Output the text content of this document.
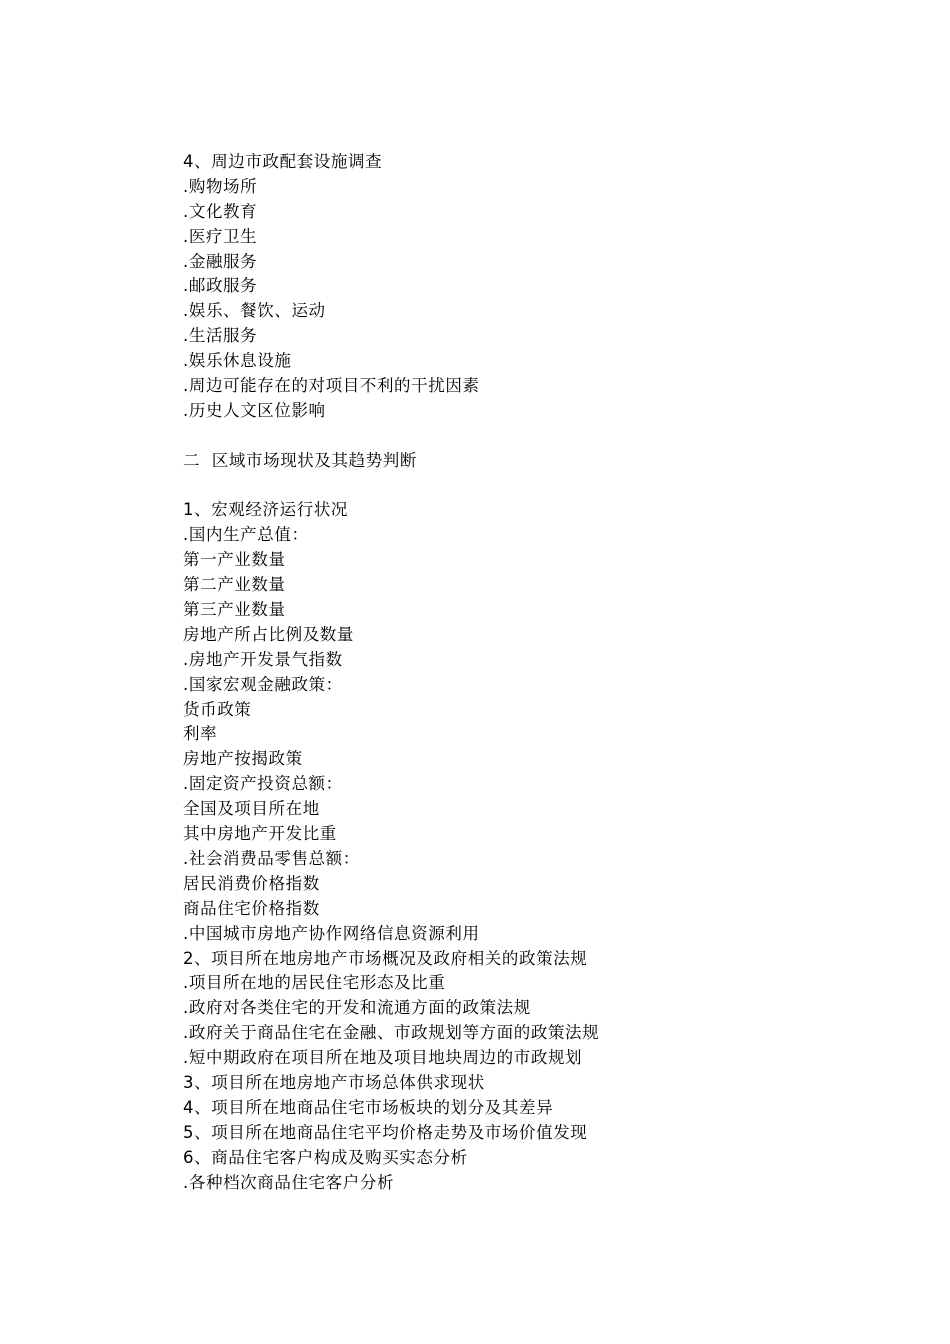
4、周边市政配套设施调查
.购物场所
.文化教育
.医疗卫生
.金融服务
.邮政服务
.娱乐、餐饮、运动
.生活服务
.娱乐休息设施
.周边可能存在的对项目不利的干扰因素
.历史人文区位影响
二  区域市场现状及其趋势判断
1、宏观经济运行状况
.国内生产总值：
第一产业数量
第二产业数量
第三产业数量
房地产所占比例及数量
.房地产开发景气指数
.国家宏观金融政策：
货币政策
利率
房地产按揭政策
.固定资产投资总额：
全国及项目所在地
其中房地产开发比重
.社会消费品零售总额：
居民消费价格指数
商品住宅价格指数
.中国城市房地产协作网络信息资源利用
2、项目所在地房地产市场概况及政府相关的政策法规
.项目所在地的居民住宅形态及比重
.政府对各类住宅的开发和流通方面的政策法规
.政府关于商品住宅在金融、市政规划等方面的政策法规
.短中期政府在项目所在地及项目地块周边的市政规划
3、项目所在地房地产市场总体供求现状
4、项目所在地商品住宅市场板块的划分及其差异
5、项目所在地商品住宅平均价格走势及市场价值发现
6、商品住宅客户构成及购买实态分析
.各种档次商品住宅客户分析
